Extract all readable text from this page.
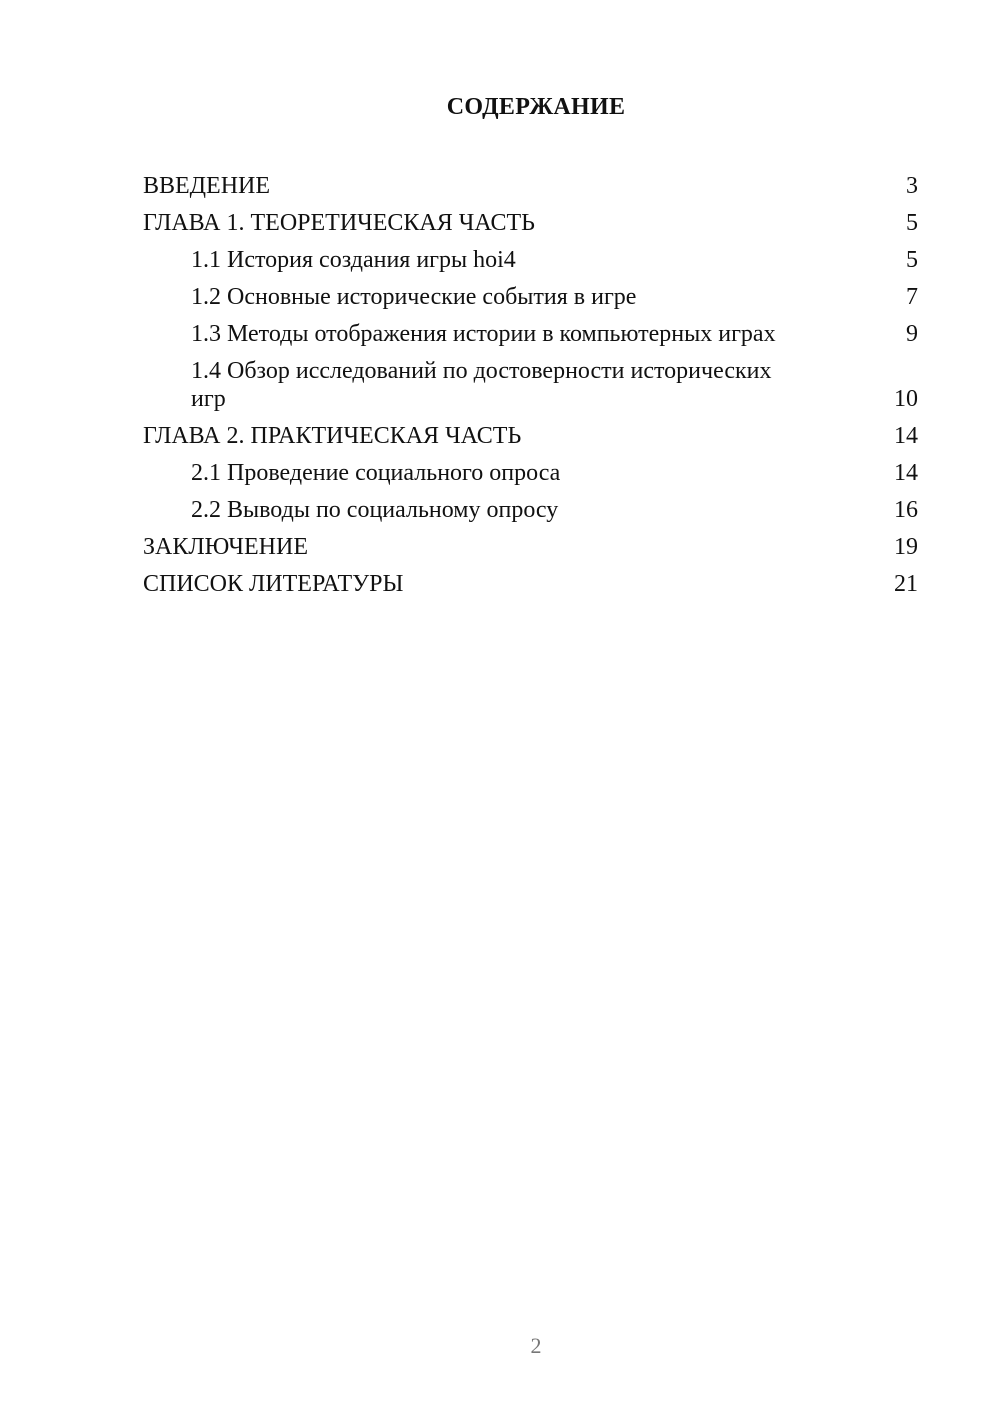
СОДЕРЖАНИЕ
ВВЕДЕНИЕ	3
ГЛАВА 1. ТЕОРЕТИЧЕСКАЯ ЧАСТЬ	5
1.1 История создания игры hoi4	5
1.2 Основные исторические события в игре	7
1.3 Методы отображения истории в компьютерных играх	9
1.4 Обзор исследований по достоверности исторических игр	10
ГЛАВА 2. ПРАКТИЧЕСКАЯ ЧАСТЬ	14
2.1 Проведение социального опроса	14
2.2 Выводы по социальному опросу	16
ЗАКЛЮЧЕНИЕ	19
СПИСОК ЛИТЕРАТУРЫ	21
2
